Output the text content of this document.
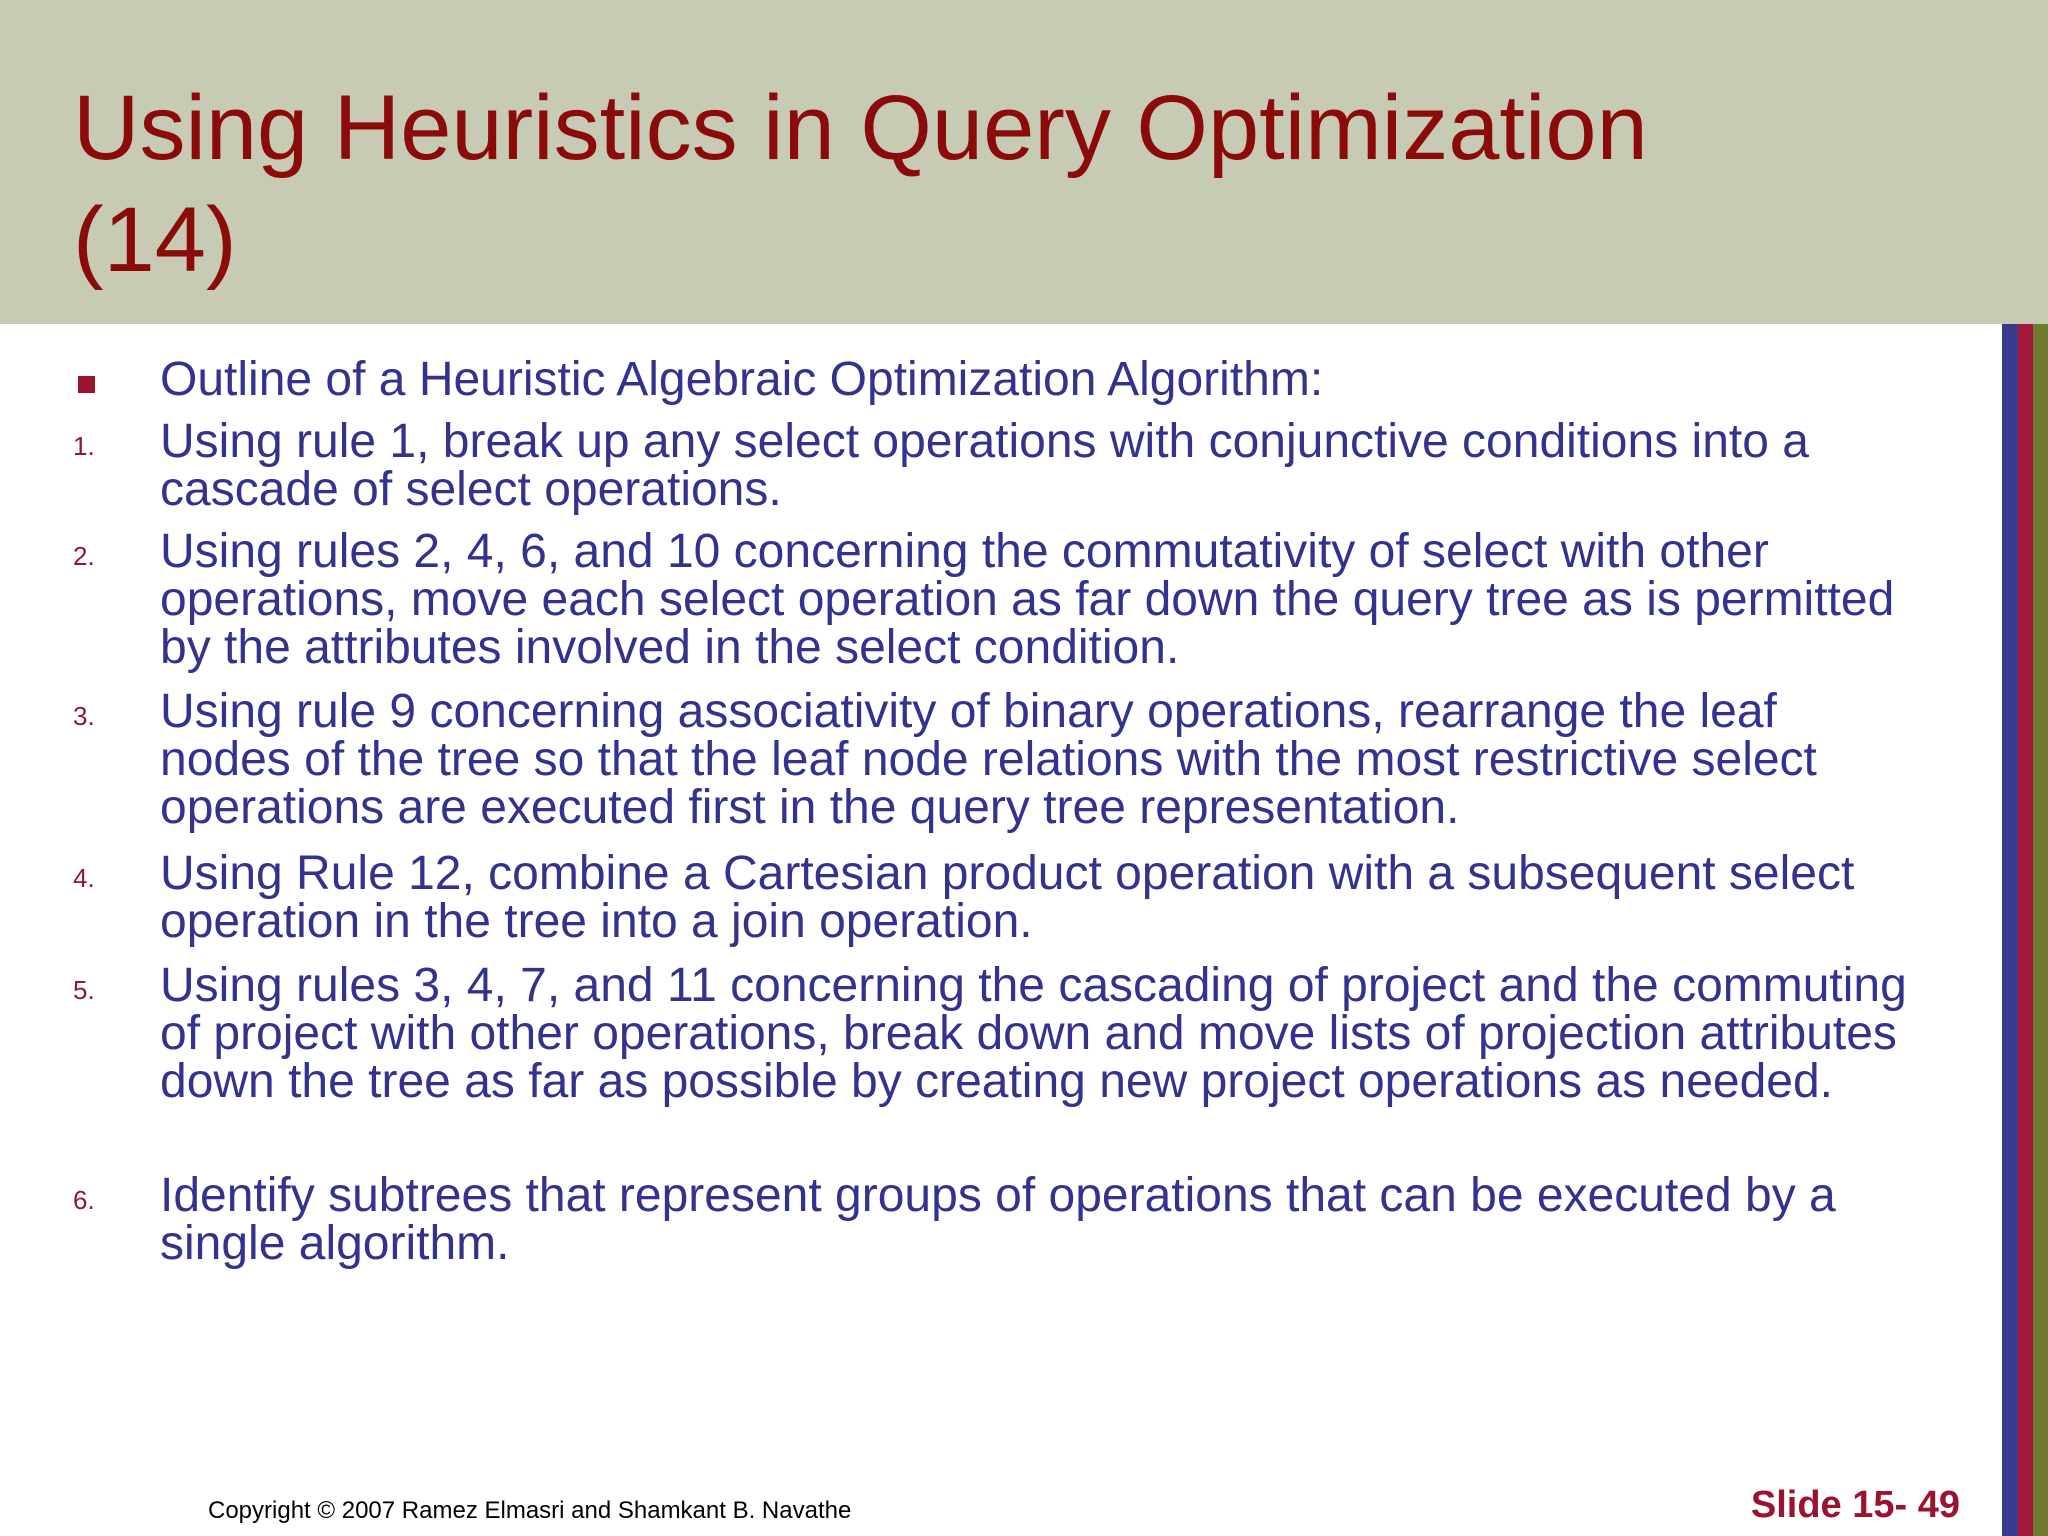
Using Heuristics in Query Optimization
(14)

Outline of a Heuristic Algebraic Optimization Algorithm:

1. Using rule 1, break up any select operations with conjunctive conditions into a cascade of select operations.

2. Using rules 2, 4, 6, and 10 concerning the commutativity of select with other operations, move each select operation as far down the query tree as is permitted by the attributes involved in the select condition.

3. Using rule 9 concerning associativity of binary operations, rearrange the leaf nodes of the tree so that the leaf node relations with the most restrictive select operations are executed first in the query tree representation.

4. Using Rule 12, combine a Cartesian product operation with a subsequent select operation in the tree into a join operation.

5. Using rules 3, 4, 7, and 11 concerning the cascading of project and the commuting of project with other operations, break down and move lists of projection attributes down the tree as far as possible by creating new project operations as needed.

6. Identify subtrees that represent groups of operations that can be executed by a single algorithm.

Copyright © 2007 Ramez Elmasri and Shamkant B. Navathe	Slide 15- 49
